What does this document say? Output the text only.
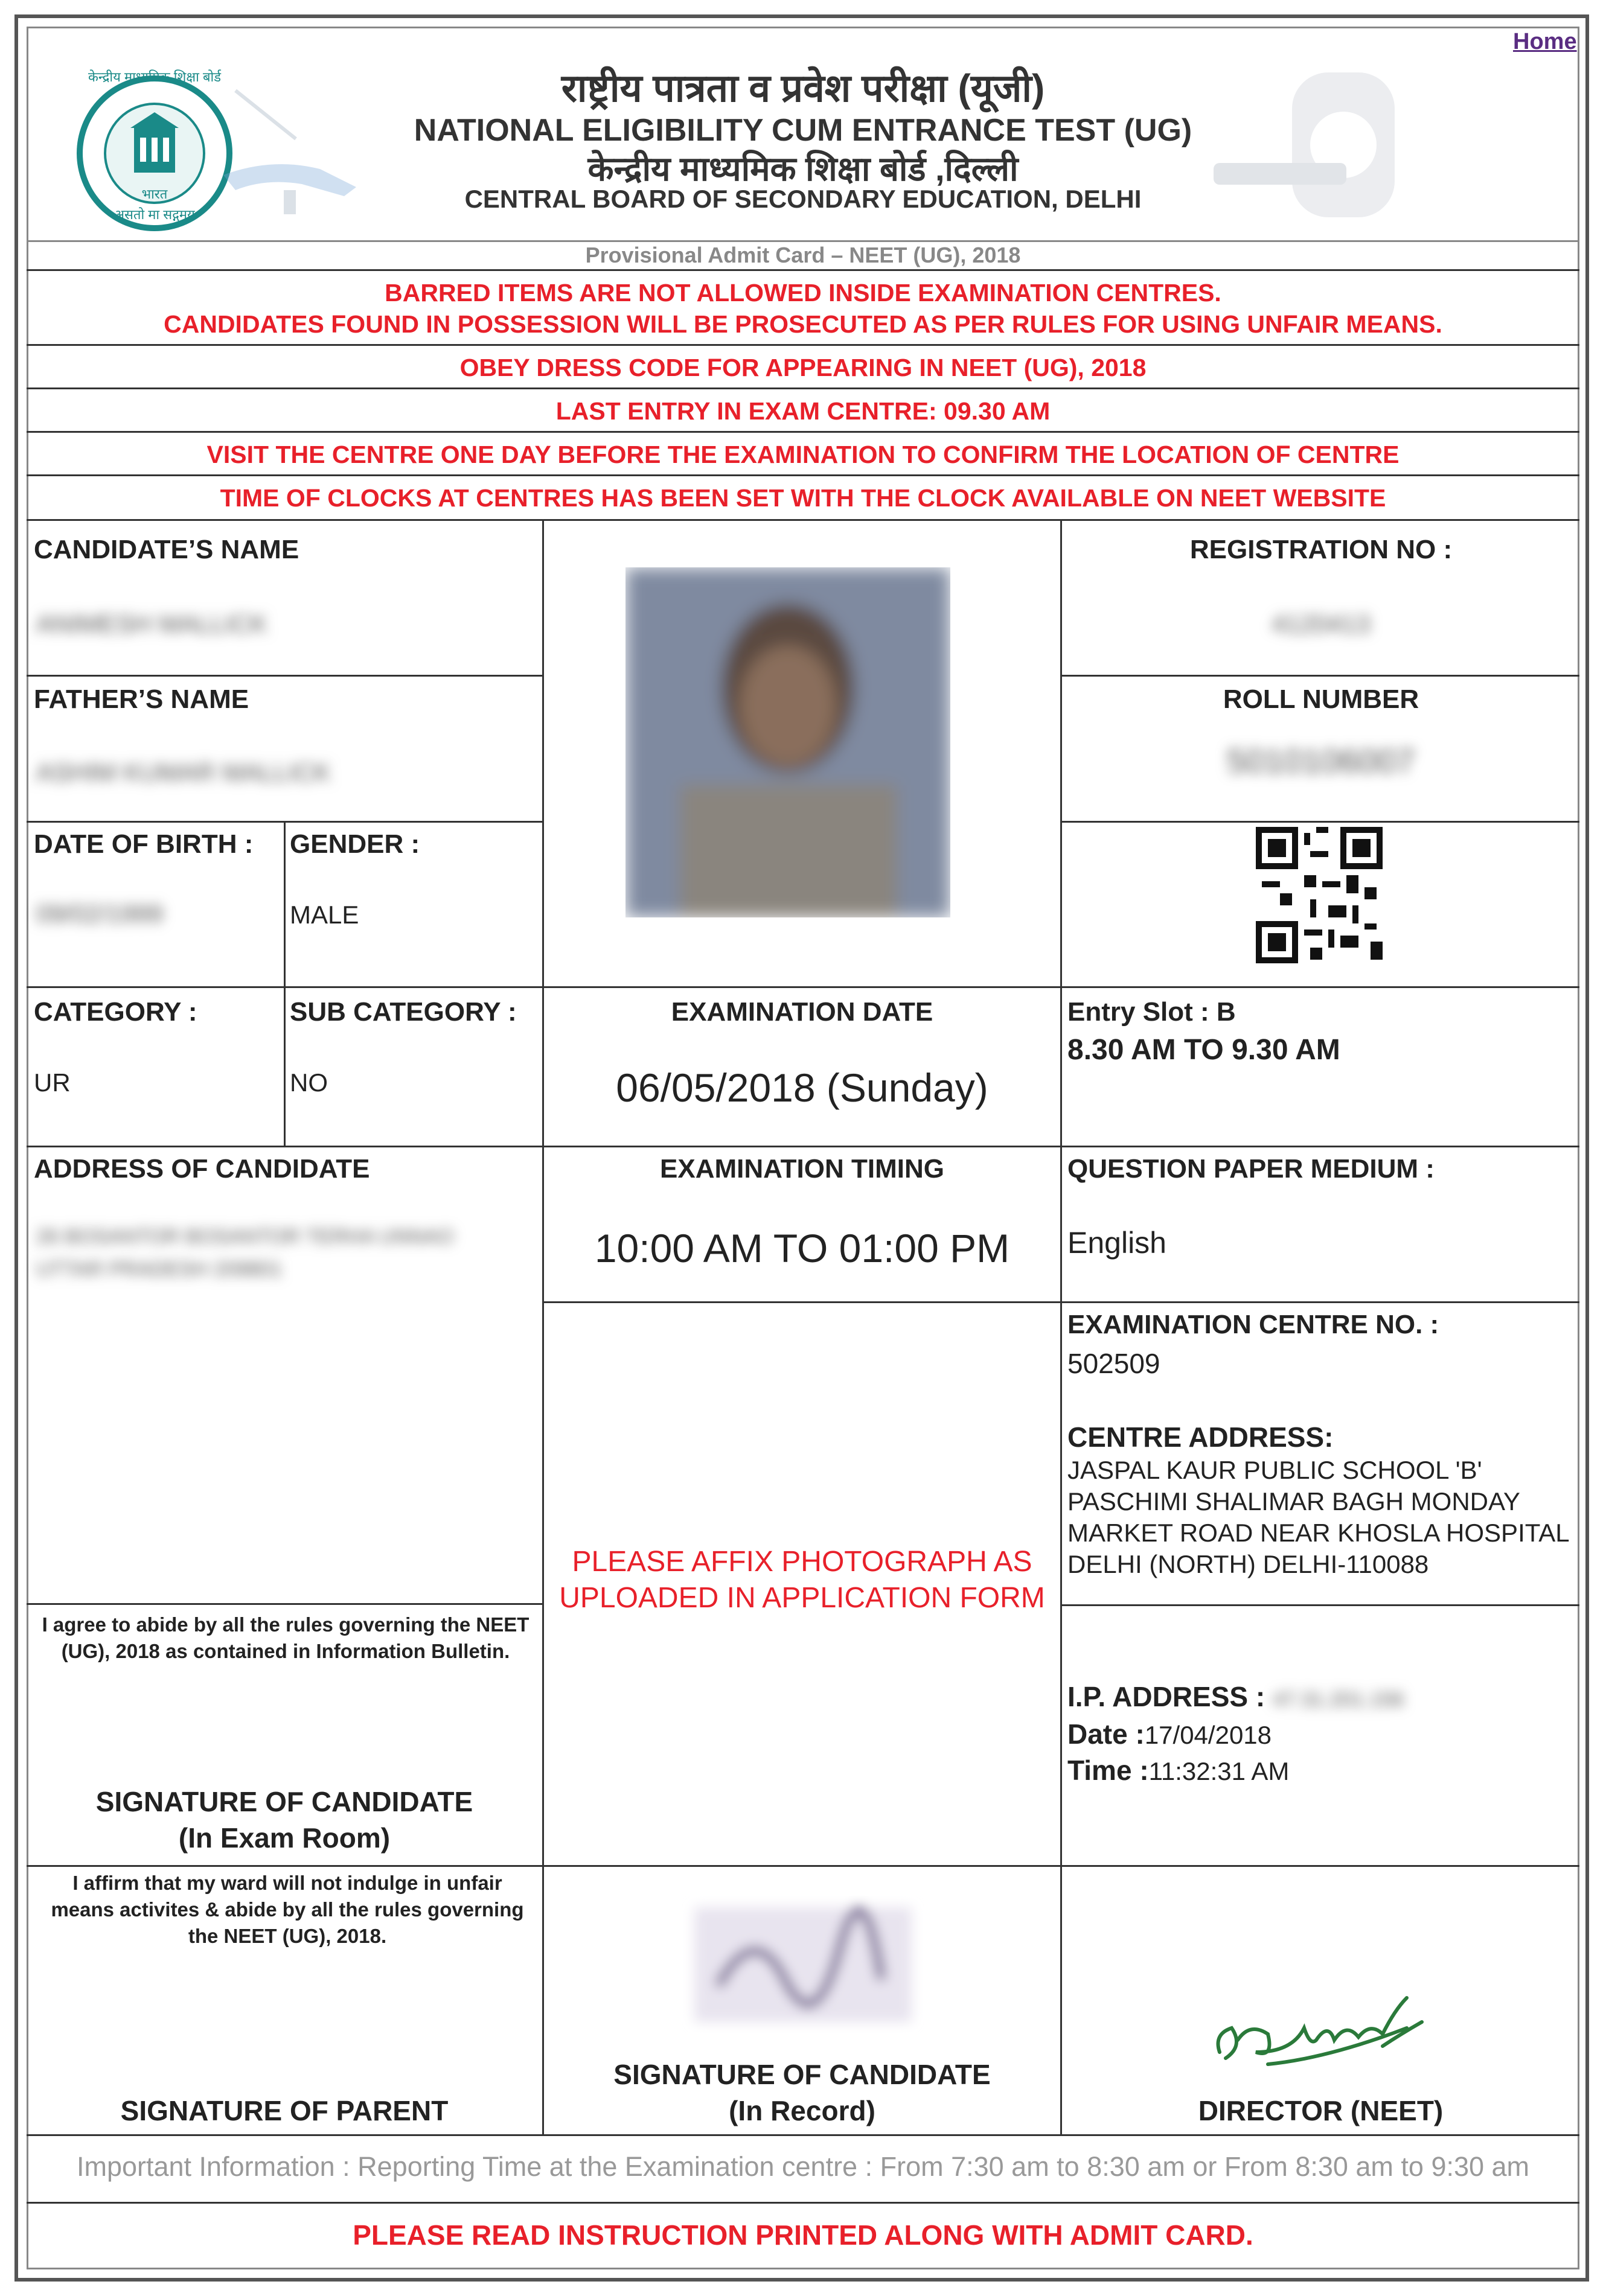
Home
केन्द्रीय माध्यमिक शिक्षा बोर्ड
भारत
असतो मा सद्गमय
राष्ट्रीय पात्रता व प्रवेश परीक्षा (यूजी)
NATIONAL ELIGIBILITY CUM ENTRANCE TEST (UG)
केन्द्रीय माध्यमिक शिक्षा बोर्ड ,दिल्ली
CENTRAL BOARD OF SECONDARY EDUCATION, DELHI
Provisional Admit Card – NEET (UG), 2018
BARRED ITEMS ARE NOT ALLOWED INSIDE EXAMINATION CENTRES.
CANDIDATES FOUND IN POSSESSION WILL BE PROSECUTED AS PER RULES FOR USING UNFAIR MEANS.
OBEY DRESS CODE FOR APPEARING IN NEET (UG), 2018
LAST ENTRY IN EXAM CENTRE: 09.30 AM
VISIT THE CENTRE ONE DAY BEFORE THE EXAMINATION TO CONFIRM THE LOCATION OF CENTRE
TIME OF CLOCKS AT CENTRES HAS BEEN SET WITH THE CLOCK AVAILABLE ON NEET WEBSITE
CANDIDATE’S NAME
ANIMESH MALLICK
FATHER’S NAME
ASHIM KUMAR MALLICK
DATE OF BIRTH :
09/02/1999
GENDER :
MALE
CATEGORY :
UR
SUB CATEGORY :
NO
ADDRESS OF CANDIDATE
26 BOSANTOR BOSANTOR TERHA UNNAO
UTTAR PRADESH 209801
REGISTRATION NO :
4120413
ROLL NUMBER
5010106007
EXAMINATION DATE
06/05/2018 (Sunday)
Entry Slot : B
8.30 AM TO 9.30 AM
EXAMINATION TIMING
10:00 AM TO 01:00 PM
QUESTION PAPER MEDIUM :
English
EXAMINATION CENTRE NO. :
502509
CENTRE ADDRESS:
JASPAL KAUR PUBLIC SCHOOL 'B'
PASCHIMI SHALIMAR BAGH MONDAY
MARKET ROAD NEAR KHOSLA HOSPITAL
DELHI (NORTH) DELHI-110088
PLEASE AFFIX PHOTOGRAPH AS
UPLOADED IN APPLICATION FORM
I agree to abide by all the rules governing the NEET (UG), 2018 as contained in Information Bulletin.
SIGNATURE OF CANDIDATE
(In Exam Room)
I.P. ADDRESS : 47.31.201.156
Date :17/04/2018
Time :11:32:31 AM
I affirm that my ward will not indulge in unfair means activites & abide by all the rules governing the NEET (UG), 2018.
SIGNATURE OF PARENT
SIGNATURE OF CANDIDATE
(In Record)	DIRECTOR (NEET)
Important Information : Reporting Time at the Examination centre : From 7:30 am to 8:30 am or From 8:30 am to 9:30 am
PLEASE READ INSTRUCTION PRINTED ALONG WITH ADMIT CARD.
